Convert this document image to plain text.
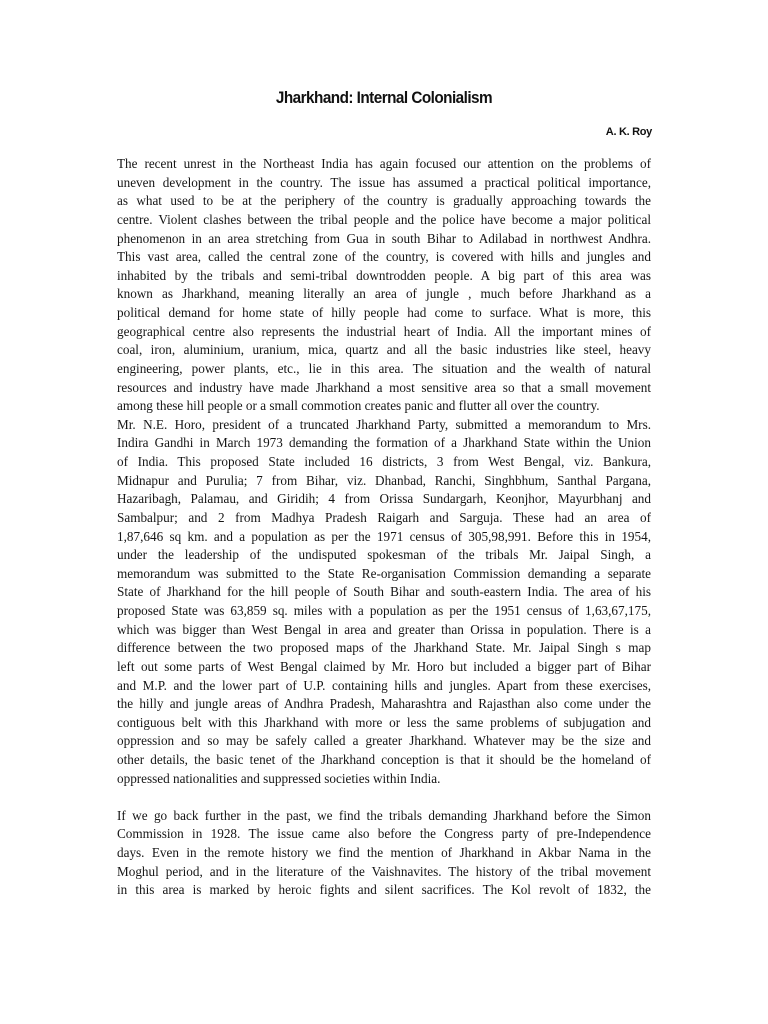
Jharkhand: Internal Colonialism

A. K. Roy

The recent unrest in the Northeast India has again focused our attention on the problems of
uneven development in the country. The issue has assumed a practical political importance,
as what used to be at the periphery of the country is gradually approaching towards the
centre. Violent clashes between the tribal people and the police have become a major political
phenomenon in an area stretching from Gua in south Bihar to Adilabad in northwest Andhra.
This vast area, called the central zone of the country, is covered with hills and jungles and
inhabited by the tribals and semi-tribal downtrodden people. A big part of this area was
known as Jharkhand, meaning literally an area of jungle , much before Jharkhand as a
political demand for home state of hilly people had come to surface. What is more, this
geographical centre also represents the industrial heart of India. All the important mines of
coal, iron, aluminium, uranium, mica, quartz and all the basic industries like steel, heavy
engineering, power plants, etc., lie in this area. The situation and the wealth of natural
resources and industry have made Jharkhand a most sensitive area so that a small movement
among these hill people or a small commotion creates panic and flutter all over the country.
Mr. N.E. Horo, president of a truncated Jharkhand Party, submitted a memorandum to Mrs.
Indira Gandhi in March 1973 demanding the formation of a Jharkhand State within the Union
of India. This proposed State included 16 districts, 3 from West Bengal, viz. Bankura,
Midnapur and Purulia; 7 from Bihar, viz. Dhanbad, Ranchi, Singhbhum, Santhal Pargana,
Hazaribagh, Palamau, and Giridih; 4 from Orissa Sundargarh, Keonjhor, Mayurbhanj and
Sambalpur; and 2 from Madhya Pradesh Raigarh and Sarguja. These had an area of
1,87,646 sq km. and a population as per the 1971 census of 305,98,991. Before this in 1954,
under the leadership of the undisputed spokesman of the tribals Mr. Jaipal Singh, a
memorandum was submitted to the State Re-organisation Commission demanding a separate
State of Jharkhand for the hill people of South Bihar and south-eastern India. The area of his
proposed State was 63,859 sq. miles with a population as per the 1951 census of 1,63,67,175,
which was bigger than West Bengal in area and greater than Orissa in population. There is a
difference between the two proposed maps of the Jharkhand State. Mr. Jaipal Singh s map
left out some parts of West Bengal claimed by Mr. Horo but included a bigger part of Bihar
and M.P. and the lower part of U.P. containing hills and jungles. Apart from these exercises,
the hilly and jungle areas of Andhra Pradesh, Maharashtra and Rajasthan also come under the
contiguous belt with this Jharkhand with more or less the same problems of subjugation and
oppression and so may be safely called a greater Jharkhand. Whatever may be the size and
other details, the basic tenet of the Jharkhand conception is that it should be the homeland of
oppressed nationalities and suppressed societies within India.
If we go back further in the past, we find the tribals demanding Jharkhand before the Simon
Commission in 1928. The issue came also before the Congress party of pre-Independence
days. Even in the remote history we find the mention of Jharkhand in Akbar Nama in the
Moghul period, and in the literature of the Vaishnavites. The history of the tribal movement
in this area is marked by heroic fights and silent sacrifices. The Kol revolt of 1832, the
